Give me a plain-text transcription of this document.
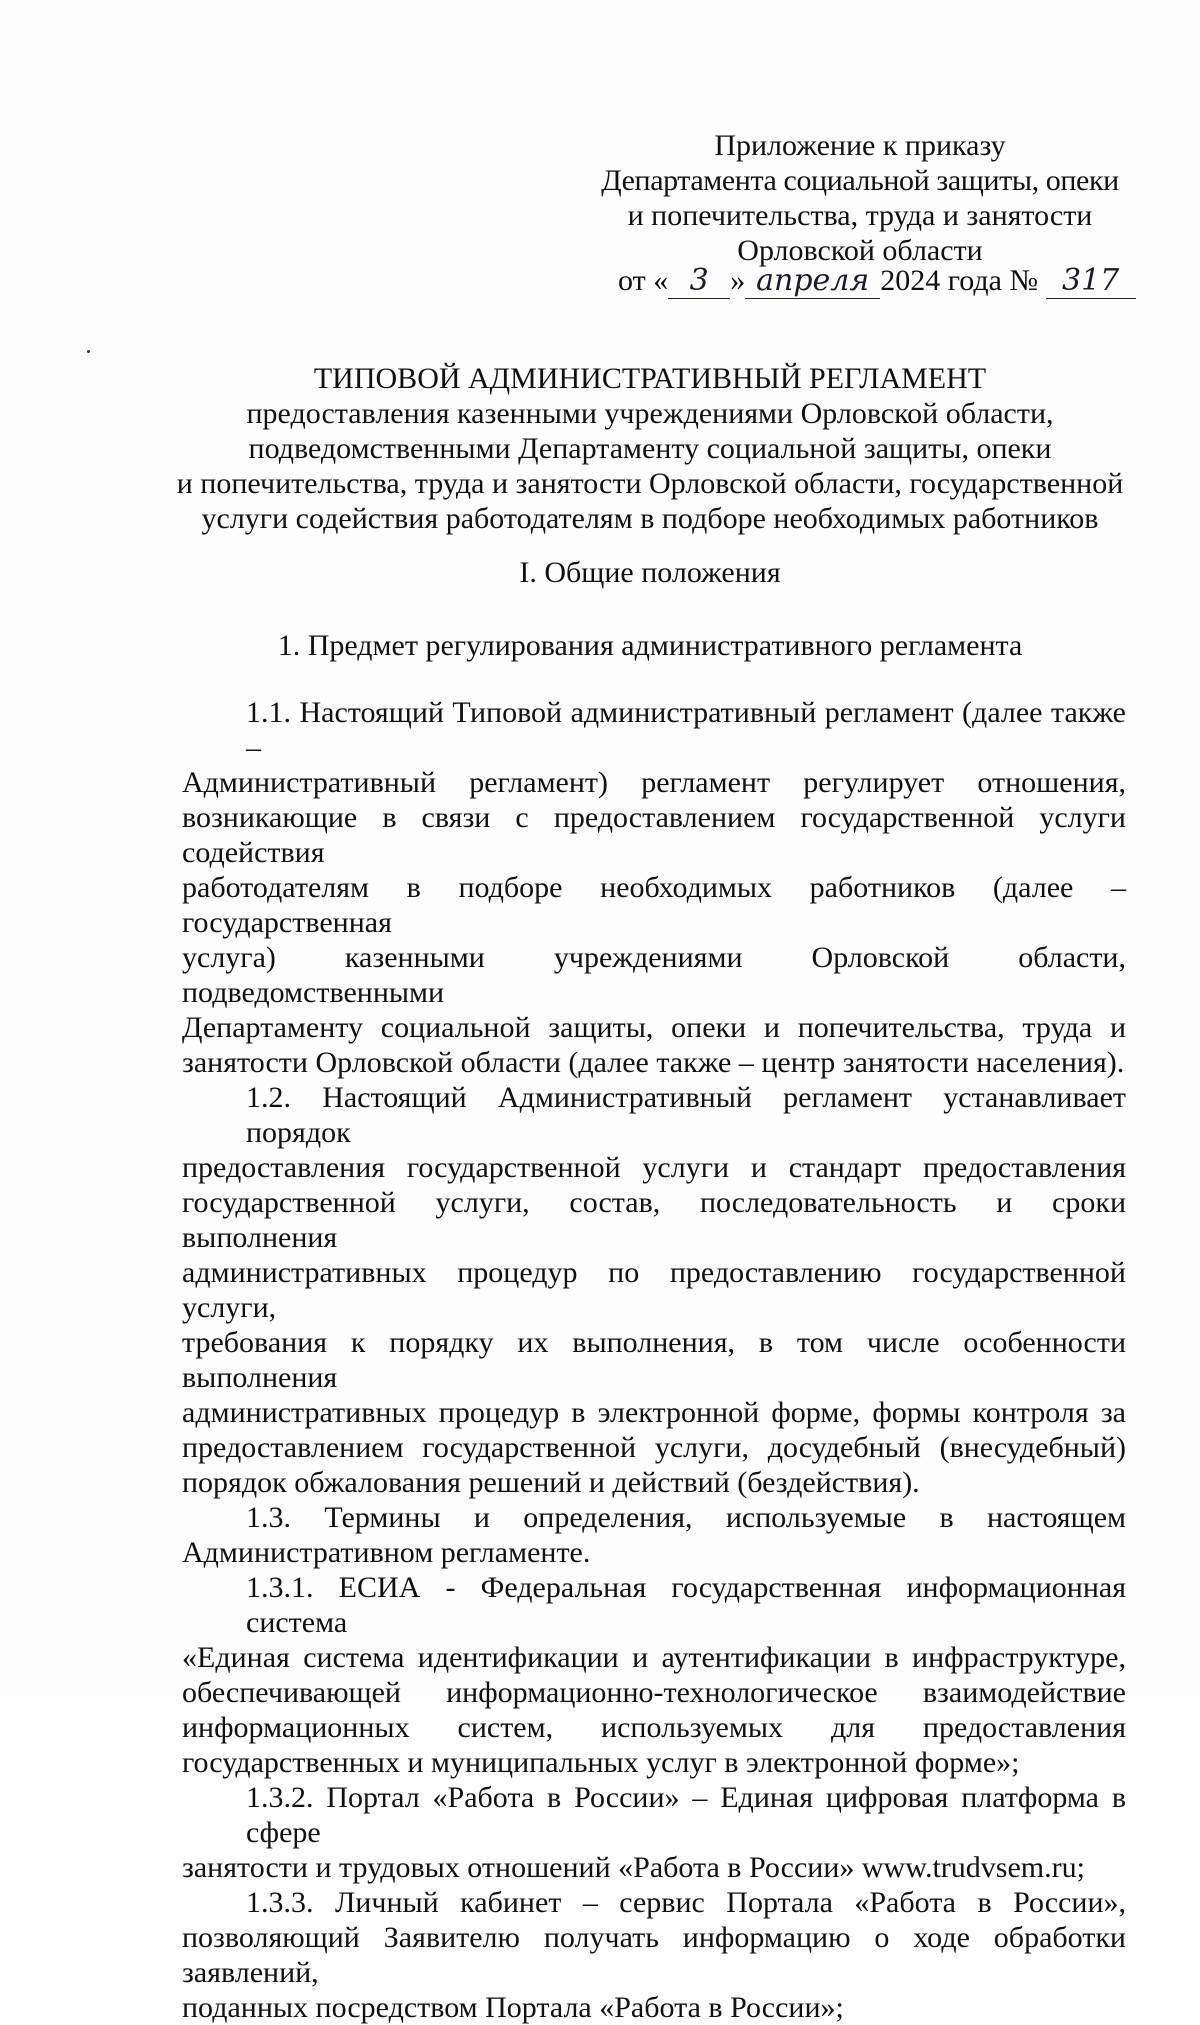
Приложение к приказу
Департамента социальной защиты, опеки
и попечительства, труда и занятости
Орловской области
от « 3 » апреля 2024 года № 317
ТИПОВОЙ АДМИНИСТРАТИВНЫЙ РЕГЛАМЕНТ
предоставления казенными учреждениями Орловской области,
подведомственными Департаменту социальной защиты, опеки
и попечительства, труда и занятости Орловской области, государственной
услуги содействия работодателям в подборе необходимых работников
I. Общие положения
1. Предмет регулирования административного регламента
1.1. Настоящий Типовой административный регламент (далее также –
Административный регламент) регламент регулирует отношения,
возникающие в связи с предоставлением государственной услуги содействия
работодателям в подборе необходимых работников (далее – государственная
услуга) казенными учреждениями Орловской области, подведомственными
Департаменту социальной защиты, опеки и попечительства, труда и
занятости Орловской области (далее также – центр занятости населения).
1.2. Настоящий Административный регламент устанавливает порядок
предоставления государственной услуги и стандарт предоставления
государственной услуги, состав, последовательность и сроки выполнения
административных процедур по предоставлению государственной услуги,
требования к порядку их выполнения, в том числе особенности выполнения
административных процедур в электронной форме, формы контроля за
предоставлением государственной услуги, досудебный (внесудебный)
порядок обжалования решений и действий (бездействия).
1.3. Термины и определения, используемые в настоящем
Административном регламенте.
1.3.1. ЕСИА - Федеральная государственная информационная система
«Единая система идентификации и аутентификации в инфраструктуре,
обеспечивающей информационно-технологическое взаимодействие
информационных систем, используемых для предоставления
государственных и муниципальных услуг в электронной форме»;
1.3.2. Портал «Работа в России» – Единая цифровая платформа в сфере
занятости и трудовых отношений «Работа в России» www.trudvsem.ru;
1.3.3. Личный кабинет – сервис Портала «Работа в России»,
позволяющий Заявителю получать информацию о ходе обработки заявлений,
поданных посредством Портала «Работа в России»;
